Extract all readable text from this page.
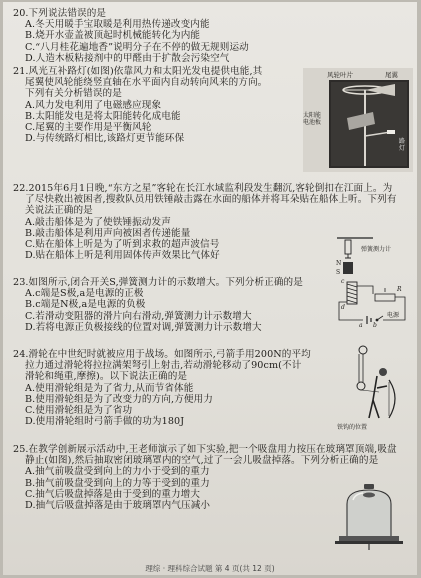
20.下列说法错误的是
A.冬天用暖手宝取暖是利用热传递改变内能
B.烧开水壶盖被顶起时机械能转化为内能
C.“八月桂花遍地香”说明分子在不停的做无规则运动
D.人造木板粘接剂中的甲醛由于扩散会污染空气
21.风光互补路灯(如图)依靠风力和太阳光发电提供电能,其
尾翼使风轮能绕竖直轴在水平面内自动转向风来的方向。
下列有关分析错误的是
A.风力发电利用了电磁感应现象
B.太阳能发电是将太阳能转化成电能
C.尾翼的主要作用是平衡风轮
D.与传统路灯相比,该路灯更节能环保
风轮叶片	尾翼
太阳能电池板
路灯
22.2015年6月1日晚,“东方之星”客轮在长江水域监利段发生翻沉,客轮倒扣在江面上。为
了尽快救出被困者,搜救队员用铁锤敲击露在水面的船体并将耳朵贴在船体上听。下列有
关说法正确的是
A.敲击船体是为了使铁锤振动发声
B.敲击船体是利用声向被困者传递能量
C.贴在船体上听是为了听到求救的超声波信号
D.贴在船体上听是利用固体传声效果比气体好
23.如图所示,闭合开关S,弹簧测力计的示数增大。下列分析正确的是
A.c端是S极,a是电源的正极
B.c端是N极,a是电源的负极
C.若滑动变阻器的滑片向右滑动,弹簧测力计示数增大
D.若将电源正负极接线的位置对调,弹簧测力计示数增大
弹簧测力计
N
S
c
d
R
a b
电源
24.滑轮在中世纪时就被应用于战场。如图所示,弓箭手用200N的平均
拉力通过滑轮将拉拉满架弩引上射击,若动滑轮移动了90cm(不计
滑轮和绳重,摩擦)。以下说法正确的是
A.使用滑轮组是为了省力,从而节省体能
B.使用滑轮组是为了改变力的方向,方便用力
C.使用滑轮组是为了省功
D.使用滑轮组时弓箭手做的功为180J
铁钩的位置
25.在教学创新展示活动中,王老师演示了如下实验,把一个吸盘用力按压在玻璃罩顶端,吸盘
静止(如图),然后抽取密闭玻璃罩内的空气,过了一会儿吸盘掉落。下列分析正确的是
A.抽气前吸盘受到向上的力小于受到的重力
B.抽气前吸盘受到向上的力等于受到的重力
C.抽气后吸盘掉落是由于受到的重力增大
D.抽气后吸盘掉落是由于玻璃罩内气压减小
理综 · 理科综合试题 第 4 页(共 12 页)
